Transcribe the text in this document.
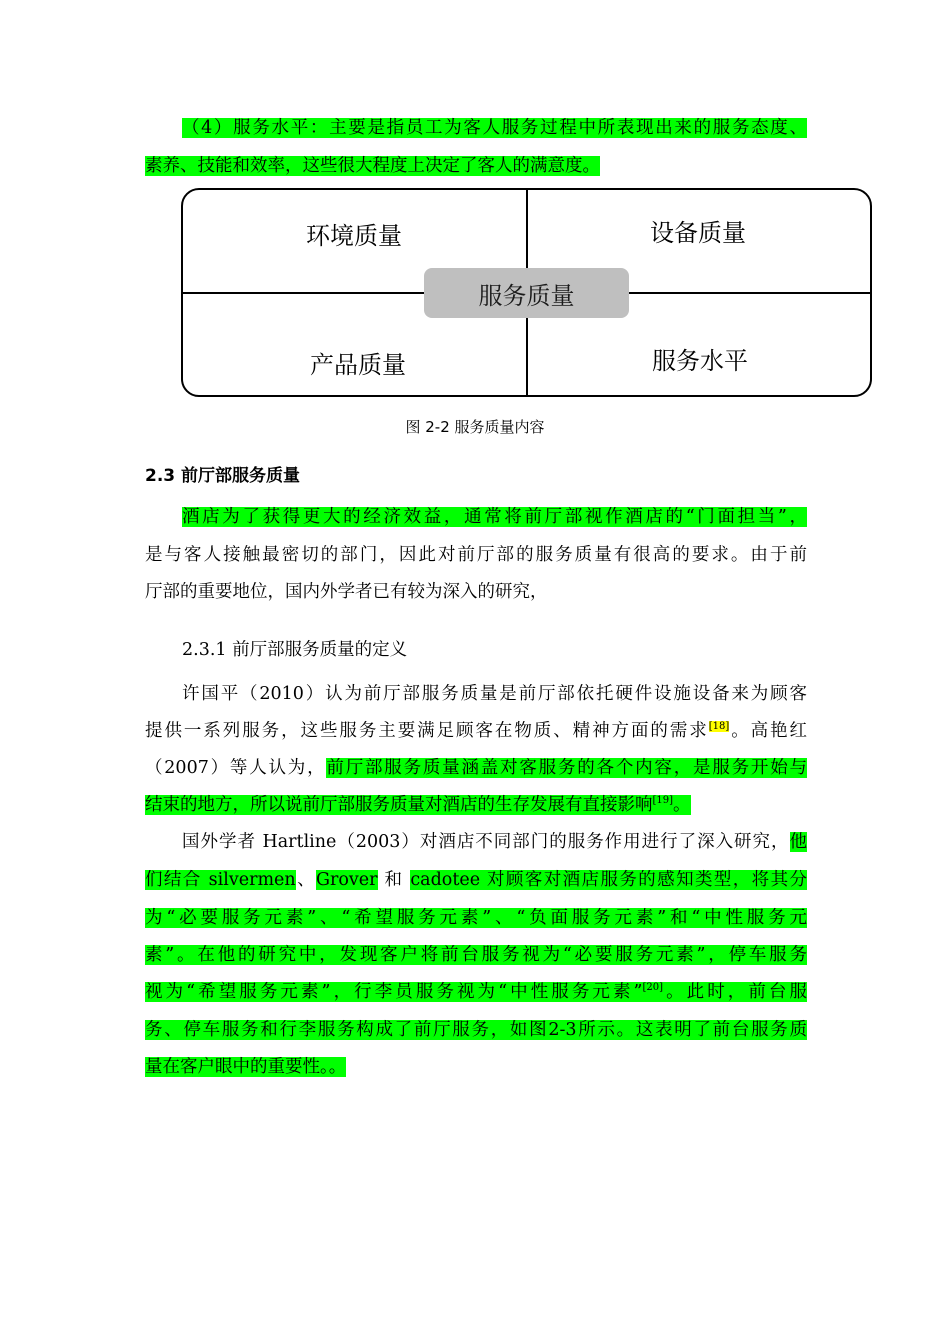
（4）服务水平：主要是指员工为客人服务过程中所表现出来的服务态度、
素养、技能和效率，这些很大程度上决定了客人的满意度。
环境质量	设备质量
产品质量	服务水平
服务质量
图 2-2 服务质量内容
2.3 前厅部服务质量
酒店为了获得更大的经济效益，通常将前厅部视作酒店的“门面担当”，
是与客人接触最密切的部门，因此对前厅部的服务质量有很高的要求。由于前
厅部的重要地位，国内外学者已有较为深入的研究，
2.3.1 前厅部服务质量的定义
许国平（2010）认为前厅部服务质量是前厅部依托硬件设施设备来为顾客
提供一系列服务，这些服务主要满足顾客在物质、精神方面的需求[18]。高艳红
（2007）等人认为，前厅部服务质量涵盖对客服务的各个内容，是服务开始与
结束的地方，所以说前厅部服务质量对酒店的生存发展有直接影响[19]。
国外学者 Hartline（2003）对酒店不同部门的服务作用进行了深入研究，他
们结合 silvermen、Grover 和 cadotee 对顾客对酒店服务的感知类型，将其分
为“必要服务元素”、“希望服务元素”、“负面服务元素”和“中性服务元
素”。在他的研究中，发现客户将前台服务视为“必要服务元素”，停车服务
视为“希望服务元素”，行李员服务视为“中性服务元素”[20]。此时，前台服
务、停车服务和行李服务构成了前厅服务，如图2-3所示。这表明了前台服务质
量在客户眼中的重要性。。
